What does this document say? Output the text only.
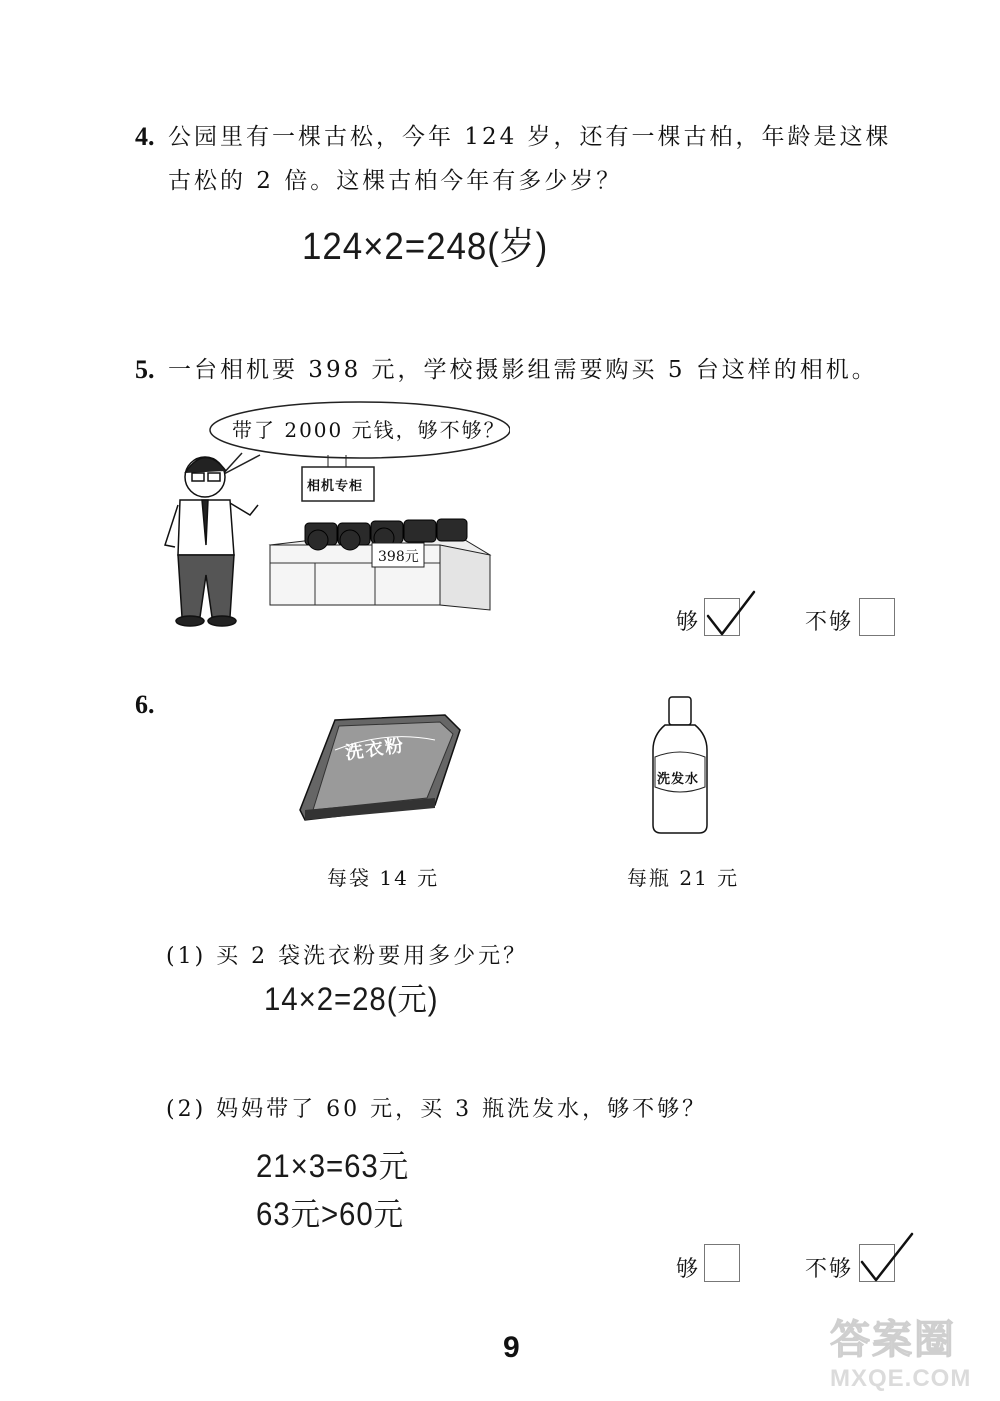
4. 公园里有一棵古松，今年 124 岁，还有一棵古柏，年龄是这棵
古松的 2 倍。这棵古柏今年有多少岁？
124×2=248(岁)
5. 一台相机要 398 元，学校摄影组需要购买 5 台这样的相机。
带了 2000 元钱，够不够？
相机专柜
398元
够	不够
6.
洗衣粉
洗发水
每袋 14 元	每瓶 21 元
(1) 买 2 袋洗衣粉要用多少元？
14×2=28(元)
(2) 妈妈带了 60 元，买 3 瓶洗发水，够不够？
21×3=63元
63元>60元
够	不够
9	答案圈
MXQE.COM
